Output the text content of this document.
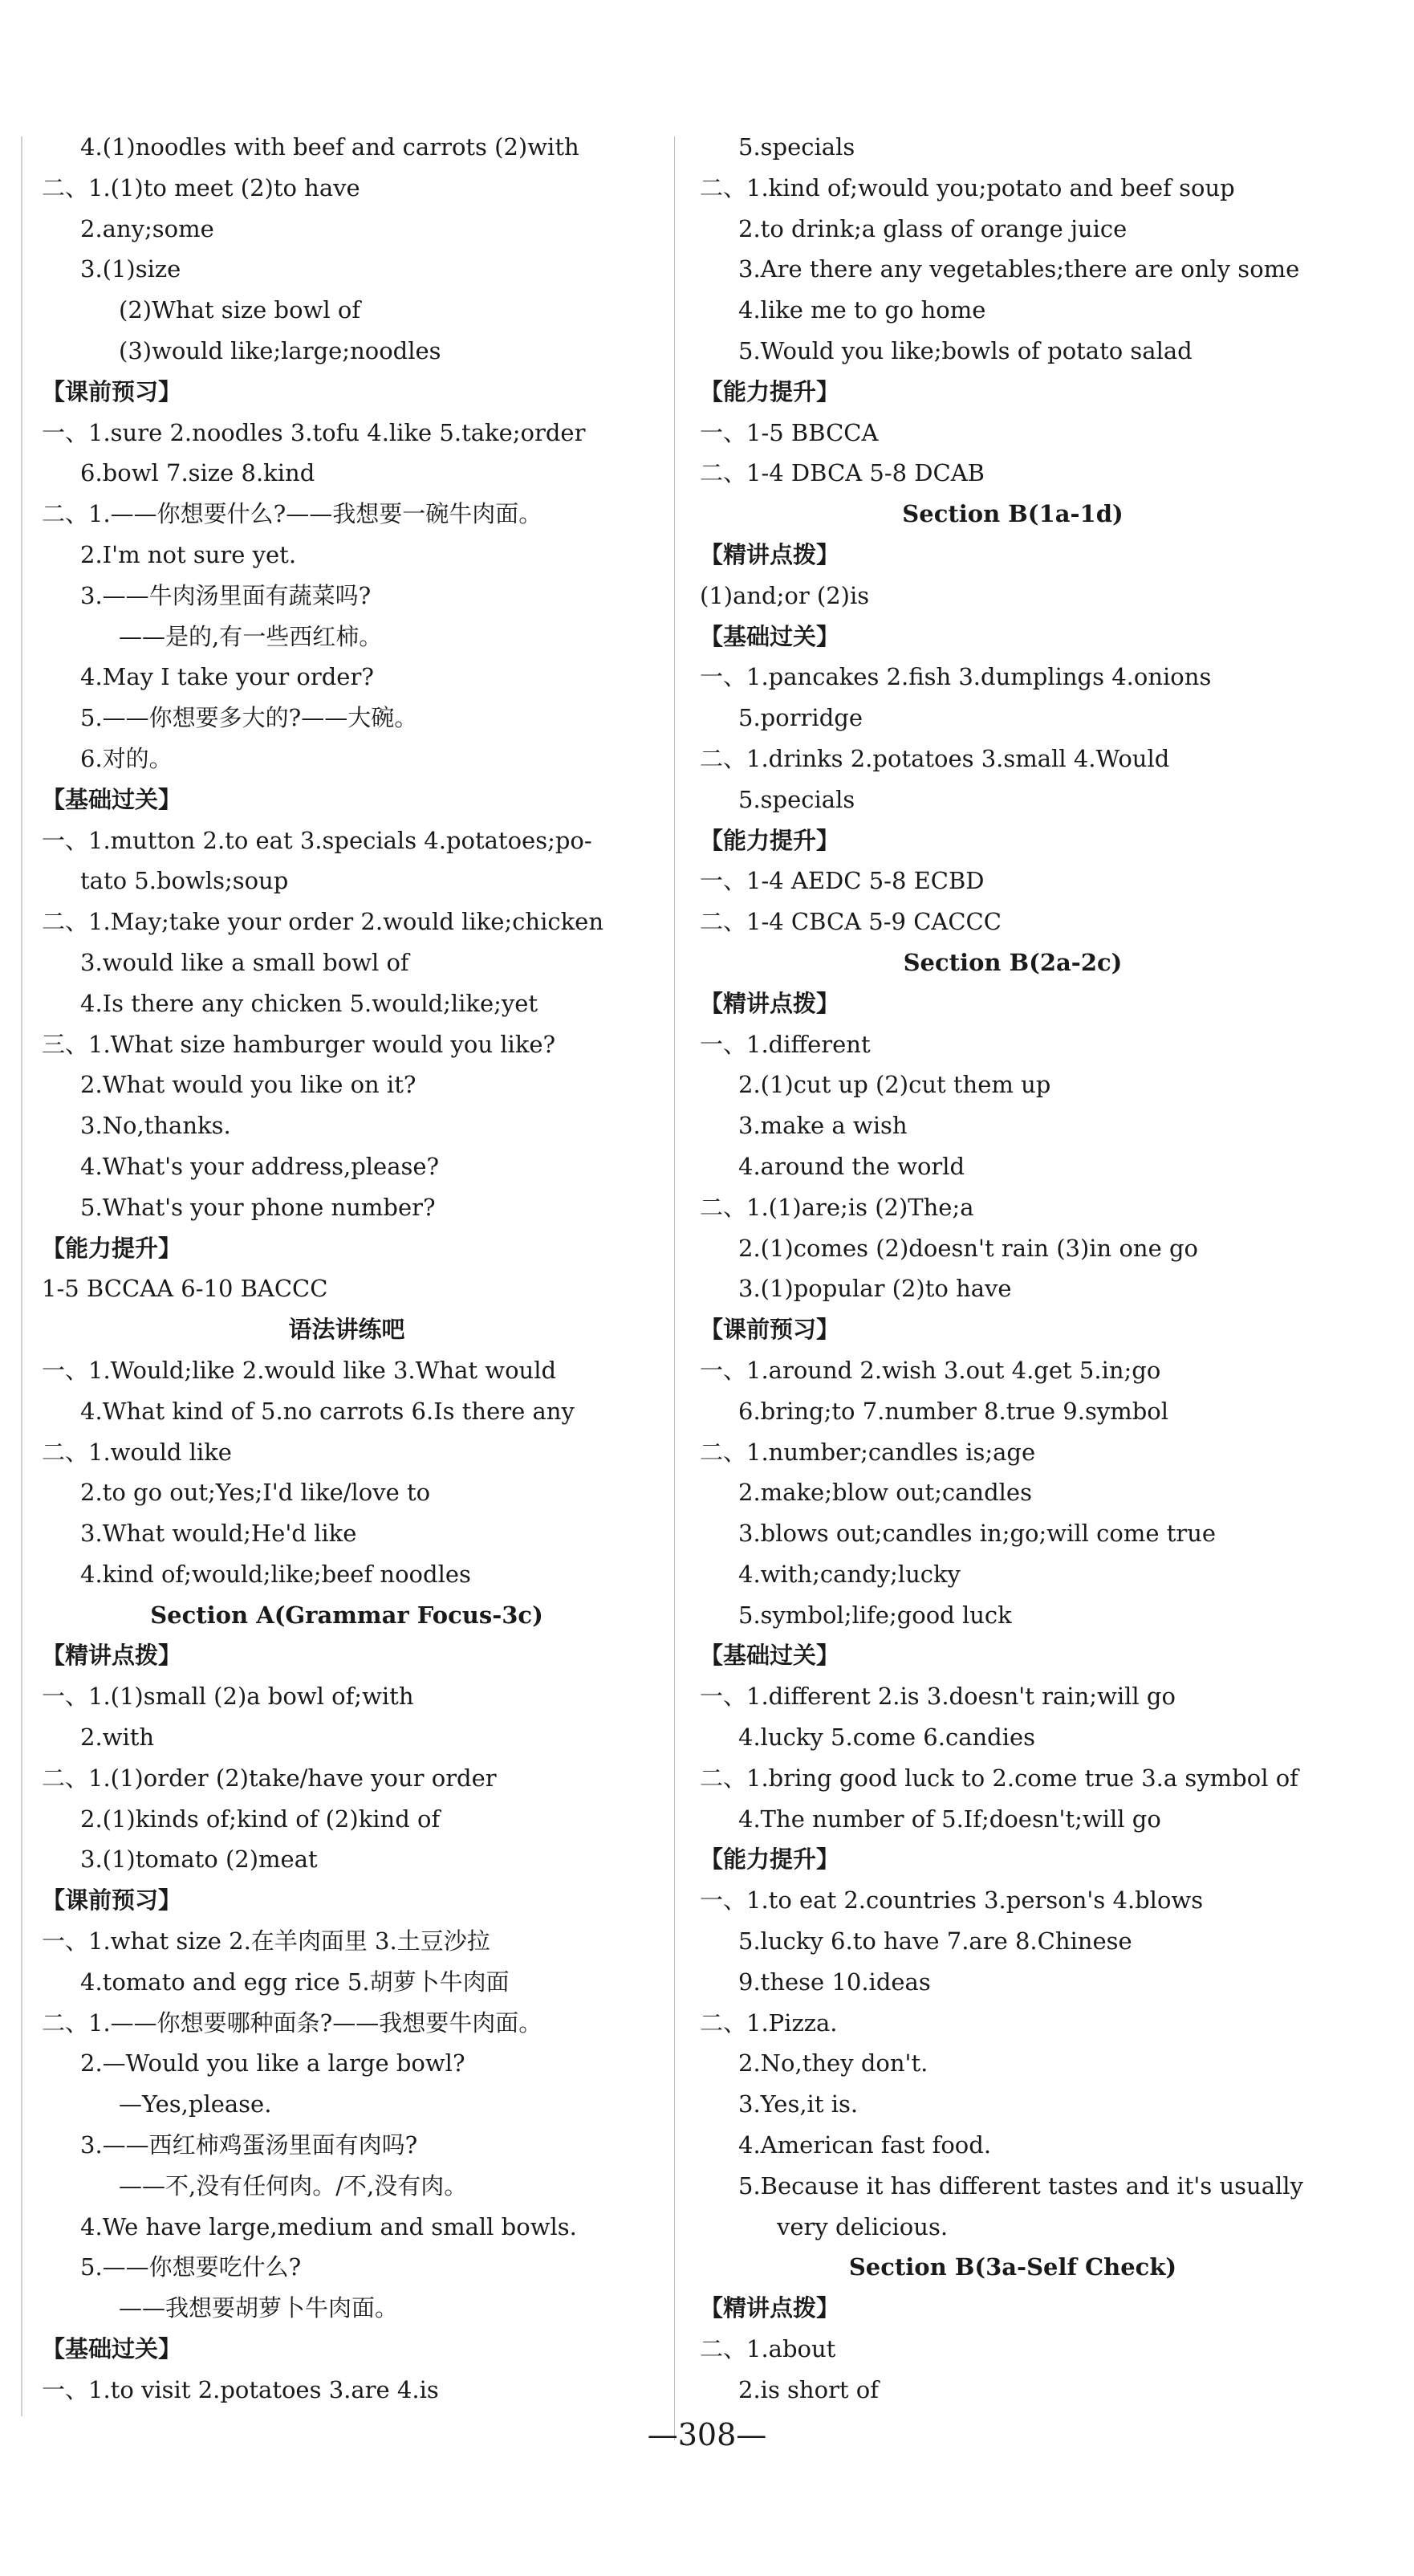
4.(1)noodles with beef and carrots (2)with
二、1.(1)to meet (2)to have
2.any;some
3.(1)size
(2)What size bowl of
(3)would like;large;noodles
【课前预习】
一、1.sure 2.noodles 3.tofu 4.like 5.take;order
6.bowl 7.size 8.kind
二、1.——你想要什么?——我想要一碗牛肉面。
2.I'm not sure yet.
3.——牛肉汤里面有蔬菜吗?
——是的,有一些西红柿。
4.May I take your order?
5.——你想要多大的?——大碗。
6.对的。
【基础过关】
一、1.mutton 2.to eat 3.specials 4.potatoes;po-
tato 5.bowls;soup
二、1.May;take your order 2.would like;chicken
3.would like a small bowl of
4.Is there any chicken 5.would;like;yet
三、1.What size hamburger would you like?
2.What would you like on it?
3.No,thanks.
4.What's your address,please?
5.What's your phone number?
【能力提升】
1-5 BCCAA 6-10 BACCC
语法讲练吧
一、1.Would;like 2.would like 3.What would
4.What kind of 5.no carrots 6.Is there any
二、1.would like
2.to go out;Yes;I'd like/love to
3.What would;He'd like
4.kind of;would;like;beef noodles
Section A(Grammar Focus-3c)
【精讲点拨】
一、1.(1)small (2)a bowl of;with
2.with
二、1.(1)order (2)take/have your order
2.(1)kinds of;kind of (2)kind of
3.(1)tomato (2)meat
【课前预习】
一、1.what size 2.在羊肉面里 3.土豆沙拉
4.tomato and egg rice 5.胡萝卜牛肉面
二、1.——你想要哪种面条?——我想要牛肉面。
2.—Would you like a large bowl?
—Yes,please.
3.——西红柿鸡蛋汤里面有肉吗?
——不,没有任何肉。/不,没有肉。
4.We have large,medium and small bowls.
5.——你想要吃什么?
——我想要胡萝卜牛肉面。
【基础过关】
一、1.to visit 2.potatoes 3.are 4.is
5.specials
二、1.kind of;would you;potato and beef soup
2.to drink;a glass of orange juice
3.Are there any vegetables;there are only some
4.like me to go home
5.Would you like;bowls of potato salad
【能力提升】
一、1-5 BBCCA
二、1-4 DBCA 5-8 DCAB
Section B(1a-1d)
【精讲点拨】
(1)and;or (2)is
【基础过关】
一、1.pancakes 2.fish 3.dumplings 4.onions
5.porridge
二、1.drinks 2.potatoes 3.small 4.Would
5.specials
【能力提升】
一、1-4 AEDC 5-8 ECBD
二、1-4 CBCA 5-9 CACCC
Section B(2a-2c)
【精讲点拨】
一、1.different
2.(1)cut up (2)cut them up
3.make a wish
4.around the world
二、1.(1)are;is (2)The;a
2.(1)comes (2)doesn't rain (3)in one go
3.(1)popular (2)to have
【课前预习】
一、1.around 2.wish 3.out 4.get 5.in;go
6.bring;to 7.number 8.true 9.symbol
二、1.number;candles is;age
2.make;blow out;candles
3.blows out;candles in;go;will come true
4.with;candy;lucky
5.symbol;life;good luck
【基础过关】
一、1.different 2.is 3.doesn't rain;will go
4.lucky 5.come 6.candies
二、1.bring good luck to 2.come true 3.a symbol of
4.The number of 5.If;doesn't;will go
【能力提升】
一、1.to eat 2.countries 3.person's 4.blows
5.lucky 6.to have 7.are 8.Chinese
9.these 10.ideas
二、1.Pizza.
2.No,they don't.
3.Yes,it is.
4.American fast food.
5.Because it has different tastes and it's usually
very delicious.
Section B(3a-Self Check)
【精讲点拨】
二、1.about
2.is short of
—308—
